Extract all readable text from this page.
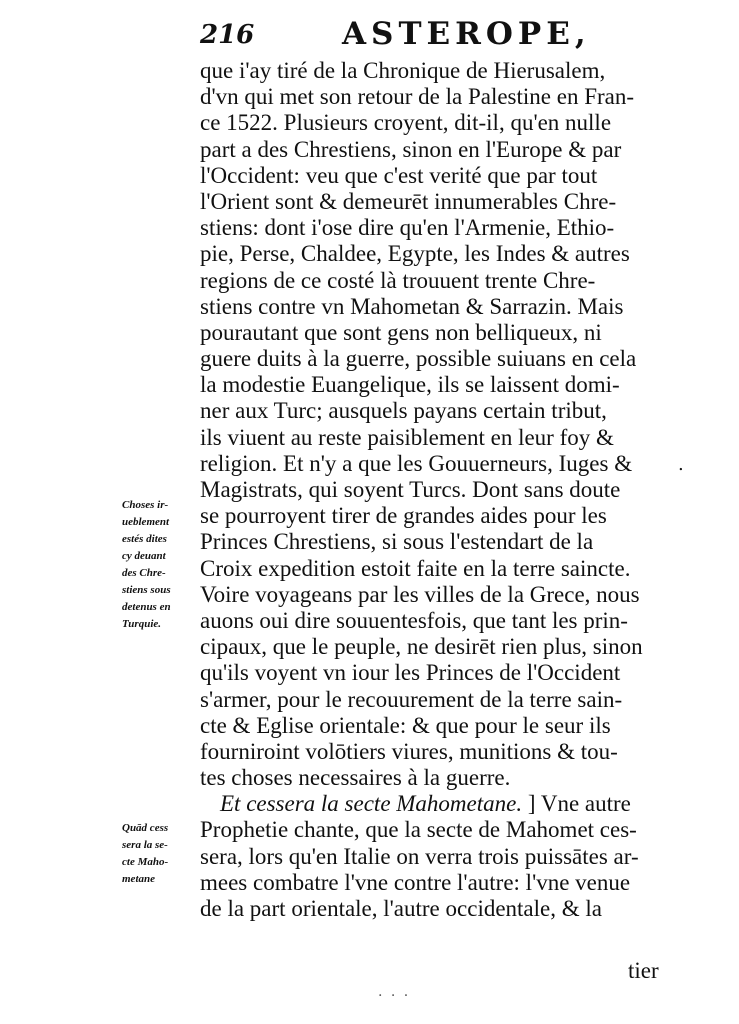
216	ASTEROPE,
que i'ay tiré de la Chronique de Hierusalem,
d'vn qui met son retour de la Palestine en Fran-
ce 1522. Plusieurs croyent, dit-il, qu'en nulle
part a des Chrestiens, sinon en l'Europe & par
l'Occident: veu que c'est verité que par tout
l'Orient sont & demeurēt innumerables Chre-
stiens: dont i'ose dire qu'en l'Armenie, Ethio-
pie, Perse, Chaldee, Egypte, les Indes & autres
regions de ce costé là trouuent trente Chre-
stiens contre vn Mahometan & Sarrazin. Mais
pourautant que sont gens non belliqueux, ni
guere duits à la guerre, possible suiuans en cela
la modestie Euangelique, ils se laissent domi-
ner aux Turc; ausquels payans certain tribut,
ils viuent au reste paisiblement en leur foy &
religion. Et n'y a que les Gouuerneurs, Iuges &
Magistrats, qui soyent Turcs. Dont sans doute
se pourroyent tirer de grandes aides pour les
Princes Chrestiens, si sous l'estendart de la
Croix expedition estoit faite en la terre saincte.
Voire voyageans par les villes de la Grece, nous
auons oui dire souuentesfois, que tant les prin-
cipaux, que le peuple, ne desirēt rien plus, sinon
qu'ils voyent vn iour les Princes de l'Occident
s'armer, pour le recouurement de la terre sain-
cte & Eglise orientale: & que pour le seur ils
fourniroint volōtiers viures, munitions & tou-
tes choses necessaires à la guerre.
Et cessera la secte Mahometane. ] Vne autre
Prophetie chante, que la secte de Mahomet ces-
sera, lors qu'en Italie on verra trois puissātes ar-
mees combatre l'vne contre l'autre: l'vne venue
de la part orientale, l'autre occidentale, & la
Choses ir-
ueblement
estés dites
cy deuant
des Chre-
stiens sous
detenus en
Turquie.
Quād cess
sera la se-
cte Maho-
metane
.
tier
. . .
